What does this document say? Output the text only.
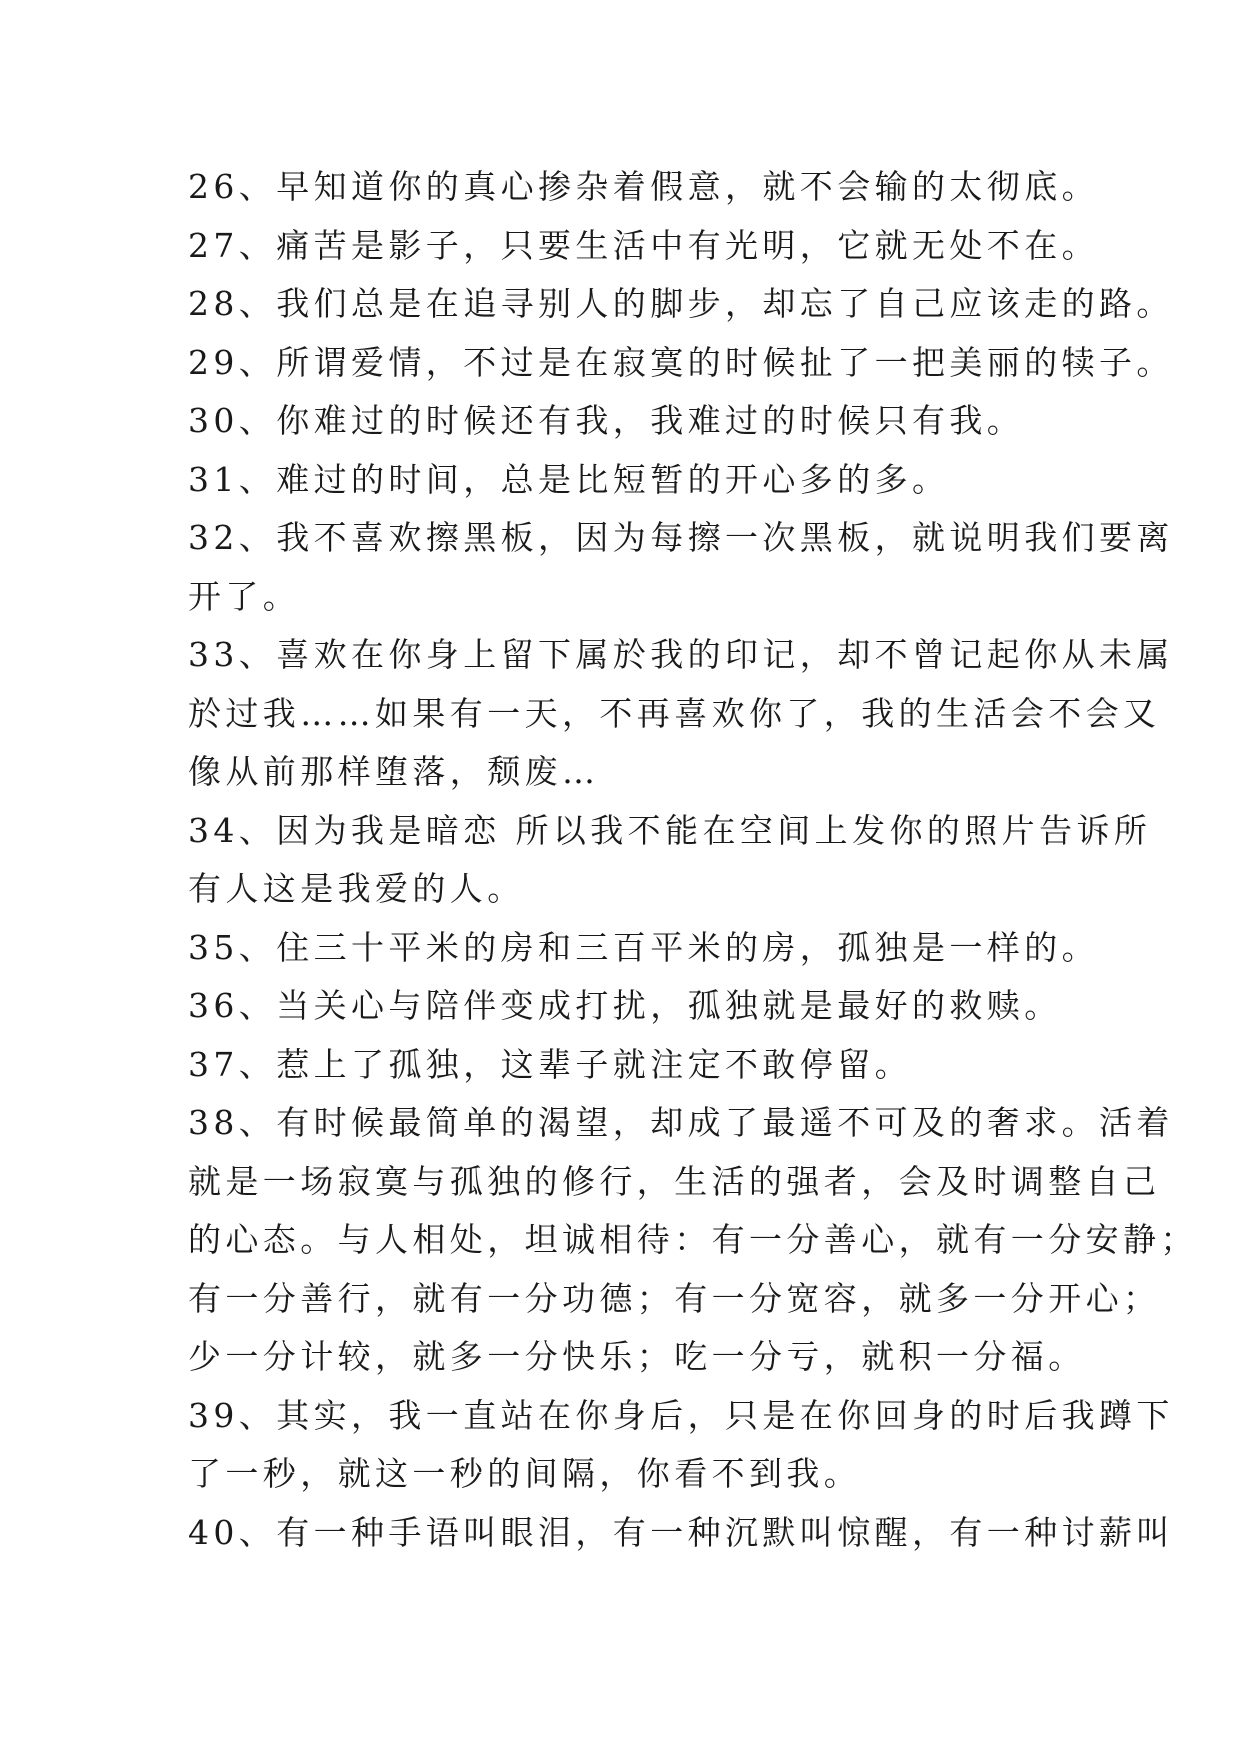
26、早知道你的真心掺杂着假意，就不会输的太彻底。
27、痛苦是影子，只要生活中有光明，它就无处不在。
28、我们总是在追寻别人的脚步，却忘了自己应该走的路。
29、所谓爱情，不过是在寂寞的时候扯了一把美丽的犊子。
30、你难过的时候还有我，我难过的时候只有我。
31、难过的时间，总是比短暂的开心多的多。
32、我不喜欢擦黑板，因为每擦一次黑板，就说明我们要离
开了。
33、喜欢在你身上留下属於我的印记，却不曾记起你从未属
於过我……如果有一天，不再喜欢你了，我的生活会不会又
像从前那样堕落，颓废…
34、因为我是暗恋 所以我不能在空间上发你的照片告诉所
有人这是我爱的人。
35、住三十平米的房和三百平米的房，孤独是一样的。
36、当关心与陪伴变成打扰，孤独就是最好的救赎。
37、惹上了孤独，这辈子就注定不敢停留。
38、有时候最简单的渴望，却成了最遥不可及的奢求。活着
就是一场寂寞与孤独的修行，生活的强者，会及时调整自己
的心态。与人相处，坦诚相待：有一分善心，就有一分安静；
有一分善行，就有一分功德；有一分宽容，就多一分开心；
少一分计较，就多一分快乐；吃一分亏，就积一分福。
39、其实，我一直站在你身后，只是在你回身的时后我蹲下
了一秒，就这一秒的间隔，你看不到我。
40、有一种手语叫眼泪，有一种沉默叫惊醒，有一种讨薪叫
